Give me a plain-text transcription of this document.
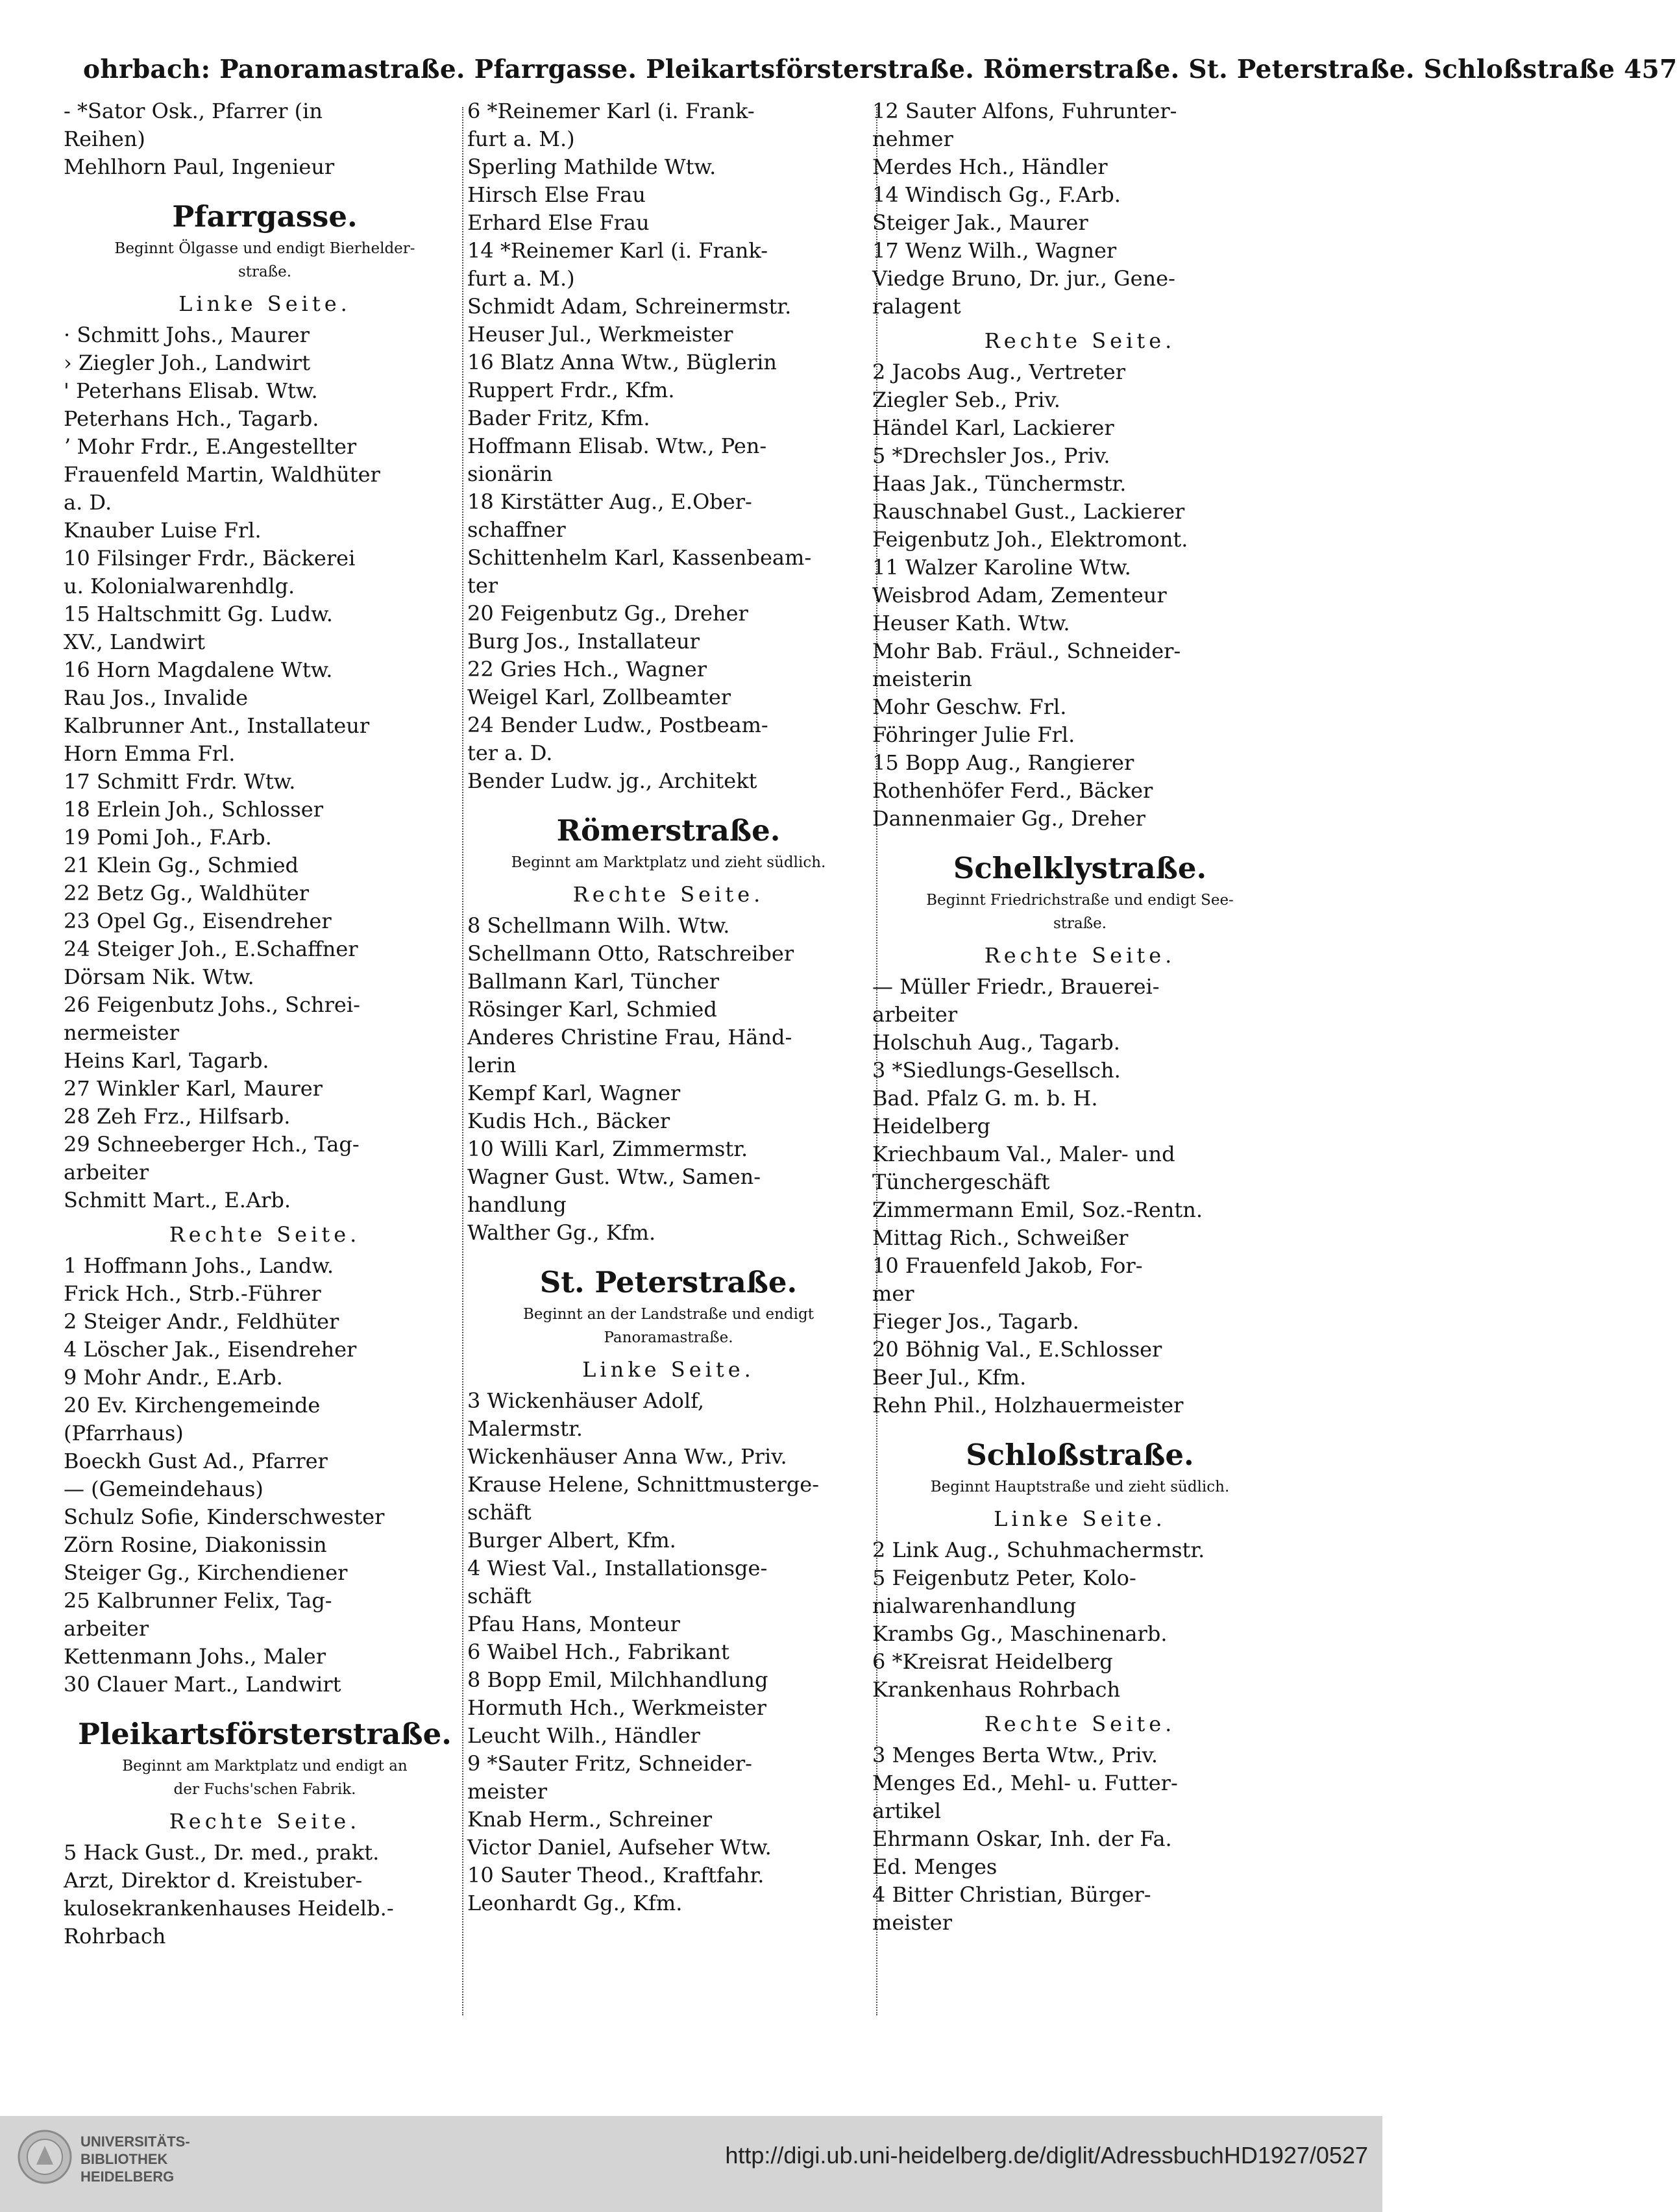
ohrbach: Panoramastraße. Pfarrgasse. Pleikartsförsterstraße. Römerstraße. St. Peterstraße. Schloßstraße 457
- *Sator Osk., Pfarrer (in
Reihen)
Mehlhorn Paul, Ingenieur
Pfarrgasse.
Beginnt Ölgasse und endigt Bierhelder-
straße.
Linke Seite.
· Schmitt Johs., Maurer
› Ziegler Joh., Landwirt
' Peterhans Elisab. Wtw.
Peterhans Hch., Tagarb.
ʼ Mohr Frdr., E.Angestellter
Frauenfeld Martin, Waldhüter
a. D.
Knauber Luise Frl.
10 Filsinger Frdr., Bäckerei
u. Kolonialwarenhdlg.
15 Haltschmitt Gg. Ludw.
XV., Landwirt
16 Horn Magdalene Wtw.
Rau Jos., Invalide
Kalbrunner Ant., Installateur
Horn Emma Frl.
17 Schmitt Frdr. Wtw.
18 Erlein Joh., Schlosser
19 Pomi Joh., F.Arb.
21 Klein Gg., Schmied
22 Betz Gg., Waldhüter
23 Opel Gg., Eisendreher
24 Steiger Joh., E.Schaffner
Dörsam Nik. Wtw.
26 Feigenbutz Johs., Schrei-
nermeister
Heins Karl, Tagarb.
27 Winkler Karl, Maurer
28 Zeh Frz., Hilfsarb.
29 Schneeberger Hch., Tag-
arbeiter
Schmitt Mart., E.Arb.
Rechte Seite.
1 Hoffmann Johs., Landw.
Frick Hch., Strb.-Führer
2 Steiger Andr., Feldhüter
4 Löscher Jak., Eisendreher
9 Mohr Andr., E.Arb.
20 Ev. Kirchengemeinde
(Pfarrhaus)
Boeckh Gust Ad., Pfarrer
— (Gemeindehaus)
Schulz Sofie, Kinderschwester
Zörn Rosine, Diakonissin
Steiger Gg., Kirchendiener
25 Kalbrunner Felix, Tag-
arbeiter
Kettenmann Johs., Maler
30 Clauer Mart., Landwirt
Pleikartsförsterstraße.
Beginnt am Marktplatz und endigt an
der Fuchs'schen Fabrik.
Rechte Seite.
5 Hack Gust., Dr. med., prakt.
Arzt, Direktor d. Kreistuber-
kulosekrankenhauses Heidelb.-
Rohrbach
6 *Reinemer Karl (i. Frank-
furt a. M.)
Sperling Mathilde Wtw.
Hirsch Else Frau
Erhard Else Frau
14 *Reinemer Karl (i. Frank-
furt a. M.)
Schmidt Adam, Schreinermstr.
Heuser Jul., Werkmeister
16 Blatz Anna Wtw., Büglerin
Ruppert Frdr., Kfm.
Bader Fritz, Kfm.
Hoffmann Elisab. Wtw., Pen-
sionärin
18 Kirstätter Aug., E.Ober-
schaffner
Schittenhelm Karl, Kassenbeam-
ter
20 Feigenbutz Gg., Dreher
Burg Jos., Installateur
22 Gries Hch., Wagner
Weigel Karl, Zollbeamter
24 Bender Ludw., Postbeam-
ter a. D.
Bender Ludw. jg., Architekt
Römerstraße.
Beginnt am Marktplatz und zieht südlich.
Rechte Seite.
8 Schellmann Wilh. Wtw.
Schellmann Otto, Ratschreiber
Ballmann Karl, Tüncher
Rösinger Karl, Schmied
Anderes Christine Frau, Händ-
lerin
Kempf Karl, Wagner
Kudis Hch., Bäcker
10 Willi Karl, Zimmermstr.
Wagner Gust. Wtw., Samen-
handlung
Walther Gg., Kfm.
St. Peterstraße.
Beginnt an der Landstraße und endigt
Panoramastraße.
Linke Seite.
3 Wickenhäuser Adolf,
Malermstr.
Wickenhäuser Anna Ww., Priv.
Krause Helene, Schnittmusterge-
schäft
Burger Albert, Kfm.
4 Wiest Val., Installationsge-
schäft
Pfau Hans, Monteur
6 Waibel Hch., Fabrikant
8 Bopp Emil, Milchhandlung
Hormuth Hch., Werkmeister
Leucht Wilh., Händler
9 *Sauter Fritz, Schneider-
meister
Knab Herm., Schreiner
Victor Daniel, Aufseher Wtw.
10 Sauter Theod., Kraftfahr.
Leonhardt Gg., Kfm.
12 Sauter Alfons, Fuhrunter-
nehmer
Merdes Hch., Händler
14 Windisch Gg., F.Arb.
Steiger Jak., Maurer
17 Wenz Wilh., Wagner
Viedge Bruno, Dr. jur., Gene-
ralagent
Rechte Seite.
2 Jacobs Aug., Vertreter
Ziegler Seb., Priv.
Händel Karl, Lackierer
5 *Drechsler Jos., Priv.
Haas Jak., Tünchermstr.
Rauschnabel Gust., Lackierer
Feigenbutz Joh., Elektromont.
11 Walzer Karoline Wtw.
Weisbrod Adam, Zementeur
Heuser Kath. Wtw.
Mohr Bab. Fräul., Schneider-
meisterin
Mohr Geschw. Frl.
Föhringer Julie Frl.
15 Bopp Aug., Rangierer
Rothenhöfer Ferd., Bäcker
Dannenmaier Gg., Dreher
Schelklystraße.
Beginnt Friedrichstraße und endigt See-
straße.
Rechte Seite.
— Müller Friedr., Brauerei-
arbeiter
Holschuh Aug., Tagarb.
3 *Siedlungs-Gesellsch.
Bad. Pfalz G. m. b. H.
Heidelberg
Kriechbaum Val., Maler- und
Tünchergeschäft
Zimmermann Emil, Soz.-Rentn.
Mittag Rich., Schweißer
10 Frauenfeld Jakob, For-
mer
Fieger Jos., Tagarb.
20 Böhnig Val., E.Schlosser
Beer Jul., Kfm.
Rehn Phil., Holzhauermeister
Schloßstraße.
Beginnt Hauptstraße und zieht südlich.
Linke Seite.
2 Link Aug., Schuhmachermstr.
5 Feigenbutz Peter, Kolo-
nialwarenhandlung
Krambs Gg., Maschinenarb.
6 *Kreisrat Heidelberg
Krankenhaus Rohrbach
Rechte Seite.
3 Menges Berta Wtw., Priv.
Menges Ed., Mehl- u. Futter-
artikel
Ehrmann Oskar, Inh. der Fa.
Ed. Menges
4 Bitter Christian, Bürger-
meister
UNIVERSITÄTS-
BIBLIOTHEK
HEIDELBERG
http://digi.ub.uni-heidelberg.de/diglit/AdressbuchHD1927/0527
